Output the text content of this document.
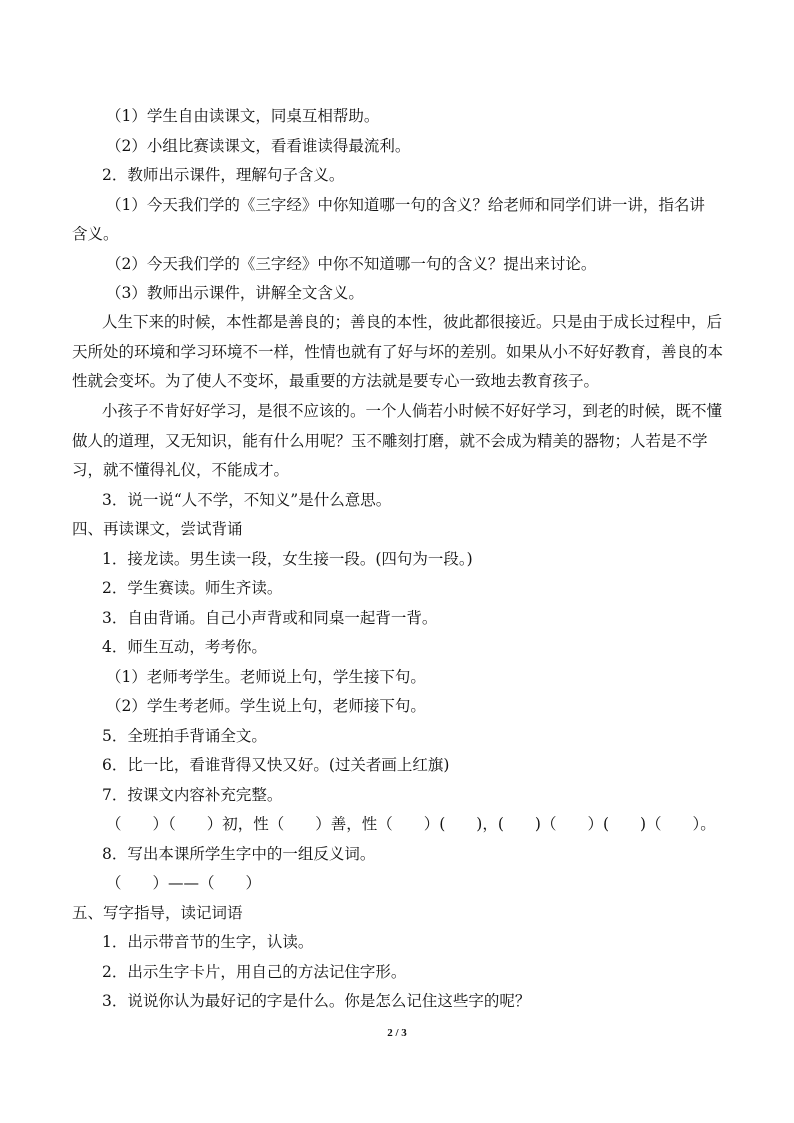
（1）学生自由读课文，同桌互相帮助。
（2）小组比赛读课文，看看谁读得最流利。
2．教师出示课件，理解句子含义。
（1）今天我们学的《三字经》中你知道哪一句的含义？给老师和同学们讲一讲，指名讲
含义。
（2）今天我们学的《三字经》中你不知道哪一句的含义？提出来讨论。
（3）教师出示课件，讲解全文含义。
人生下来的时候，本性都是善良的；善良的本性，彼此都很接近。只是由于成长过程中，后天所处的环境和学习环境不一样，性情也就有了好与坏的差别。如果从小不好好教育，善良的本性就会变坏。为了使人不变坏，最重要的方法就是要专心一致地去教育孩子。
小孩子不肯好好学习，是很不应该的。一个人倘若小时候不好好学习，到老的时候，既不懂做人的道理，又无知识，能有什么用呢？玉不雕刻打磨，就不会成为精美的器物；人若是不学习，就不懂得礼仪，不能成才。
3．说一说“人不学，不知义”是什么意思。
四、再读课文，尝试背诵
1．接龙读。男生读一段，女生接一段。(四句为一段。)
2．学生赛读。师生齐读。
3．自由背诵。自己小声背或和同桌一起背一背。
4．师生互动，考考你。
（1）老师考学生。老师说上句，学生接下句。
（2）学生考老师。学生说上句，老师接下句。
5．全班拍手背诵全文。
6．比一比，看谁背得又快又好。(过关者画上红旗)
7．按课文内容补充完整。
（　　）（　　）初，性（　　）善，性（　　）(　　)，(　　)（　　）(　　)（　　）。
8．写出本课所学生字中的一组反义词。
（　　）——（　　）
五、写字指导，读记词语
1．出示带音节的生字，认读。
2．出示生字卡片，用自己的方法记住字形。
3．说说你认为最好记的字是什么。你是怎么记住这些字的呢？
2 / 3
